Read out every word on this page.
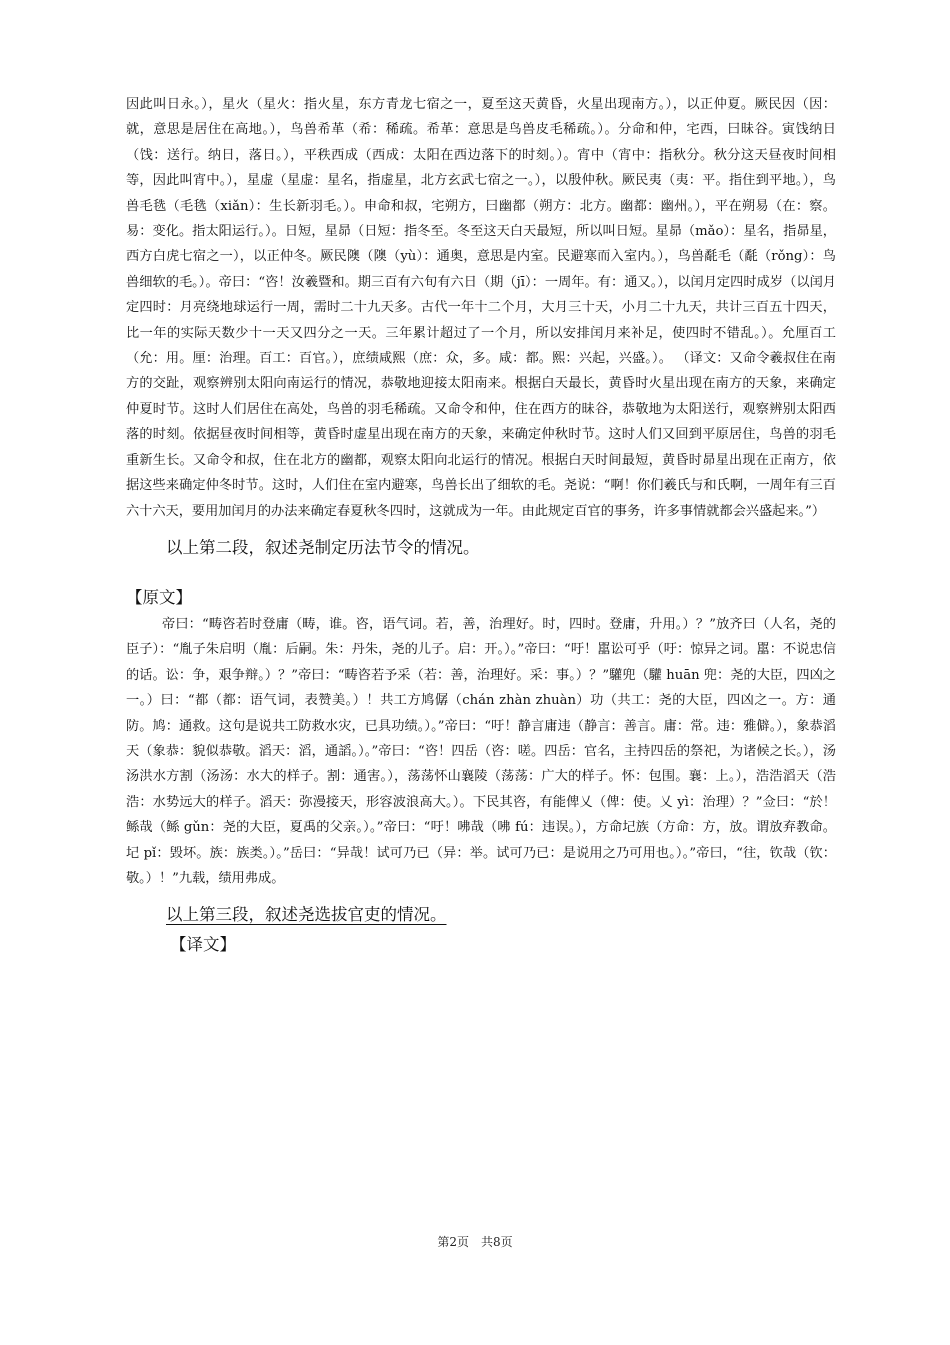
因此叫日永。），星火（星火：指火星，东方青龙七宿之一，夏至这天黄昏，火星出现南方。），以正仲夏。厥民因（因：就，意思是居住在高地。），鸟兽希革（希：稀疏。希革：意思是鸟兽皮毛稀疏。）。分命和仲，宅西，曰昧谷。寅饯纳日（饯：送行。纳日，落日。），平秩西成（西成：太阳在西边落下的时刻。）。宵中（宵中：指秋分。秋分这天昼夜时间相等，因此叫宵中。），星虚（星虚：星名，指虚星，北方玄武七宿之一。），以殷仲秋。厥民夷（夷：平。指住到平地。），鸟兽毛毨（毛毨（xiǎn）：生长新羽毛。）。申命和叔，宅朔方，曰幽都（朔方：北方。幽都：幽州。），平在朔易（在：察。易：变化。指太阳运行。）。日短，星昴（日短：指冬至。冬至这天白天最短，所以叫日短。星昴（mǎo）：星名，指昴星，西方白虎七宿之一），以正仲冬。厥民隩（隩（yù）：通奥，意思是内室。民避寒而入室内。），鸟兽氄毛（氄（rǒng）：鸟兽细软的毛。）。帝曰：“咨！汝羲暨和。期三百有六旬有六日（期（jī）：一周年。有：通又。），以闰月定四时成岁（以闰月定四时：月亮绕地球运行一周，需时二十九天多。古代一年十二个月，大月三十天，小月二十九天，共计三百五十四天，比一年的实际天数少十一天又四分之一天。三年累计超过了一个月，所以安排闰月来补足，使四时不错乱。）。允厘百工（允：用。厘：治理。百工：百官。），庶绩咸熙（庶：众，多。咸：都。熙：兴起，兴盛。）。 （译文：又命令羲叔住在南方的交趾，观察辨别太阳向南运行的情况，恭敬地迎接太阳南来。根据白天最长，黄昏时火星出现在南方的天象，来确定仲夏时节。这时人们居住在高处，鸟兽的羽毛稀疏。又命令和仲，住在西方的昧谷，恭敬地为太阳送行，观察辨别太阳西落的时刻。依据昼夜时间相等，黄昏时虚星出现在南方的天象，来确定仲秋时节。这时人们又回到平原居住，鸟兽的羽毛重新生长。又命令和叔，住在北方的幽都，观察太阳向北运行的情况。根据白天时间最短，黄昏时昴星出现在正南方，依据这些来确定仲冬时节。这时，人们住在室内避寒，鸟兽长出了细软的毛。尧说：“啊！你们羲氏与和氏啊，一周年有三百六十六天，要用加闰月的办法来确定春夏秋冬四时，这就成为一年。由此规定百官的事务，许多事情就都会兴盛起来。”）

以上第二段，叙述尧制定历法节令的情况。

【原文】

帝曰：“畴咨若时登庸（畴，谁。咨，语气词。若，善，治理好。时，四时。登庸，升用。）？”放齐曰（人名，尧的臣子）：“胤子朱启明（胤：后嗣。朱：丹朱，尧的儿子。启：开。）。”帝曰：“吁！嚚讼可乎（吁：惊异之词。嚚：不说忠信的话。讼：争，艰争辩。）？”帝曰：“畴咨若予采（若：善，治理好。采：事。）？”驩兜（驩 huān 兜：尧的大臣，四凶之一。）曰：“都（都：语气词，表赞美。）！共工方鸠僝（chán zhàn zhuàn）功（共工：尧的大臣，四凶之一。方：通防。鸠：通救。这句是说共工防救水灾，已具功绩。）。”帝曰：“吁！静言庸违（静言：善言。庸：常。违：雅僻。），象恭滔天（象恭：貌似恭敬。滔天：滔，通謟。）。”帝曰：“咨！四岳（咨：嗟。四岳：官名，主持四岳的祭祀，为诸候之长。），汤汤洪水方割（汤汤：水大的样子。割：通害。），荡荡怀山襄陵（荡荡：广大的样子。怀：包围。襄：上。），浩浩滔天（浩浩：水势远大的样子。滔天：弥漫接天，形容波浪高大。）。下民其咨，有能俾乂（俾：使。乂 yì：治理）？”佥曰：“於！鲧哉（鲧 gǔn：尧的大臣，夏禹的父亲。）。”帝曰：“吁！咈哉（咈 fú：违误。），方命圮族（方命：方，放。谓放弃教命。圮 pǐ：毁坏。族：族类。）。”岳曰：“异哉！试可乃已（异：举。试可乃已：是说用之乃可用也。）。”帝曰，“往，钦哉（钦：敬。）！”九载，绩用弗成。

以上第三段，叙述尧选拔官吏的情况。

【译文】

第2页　共8页
